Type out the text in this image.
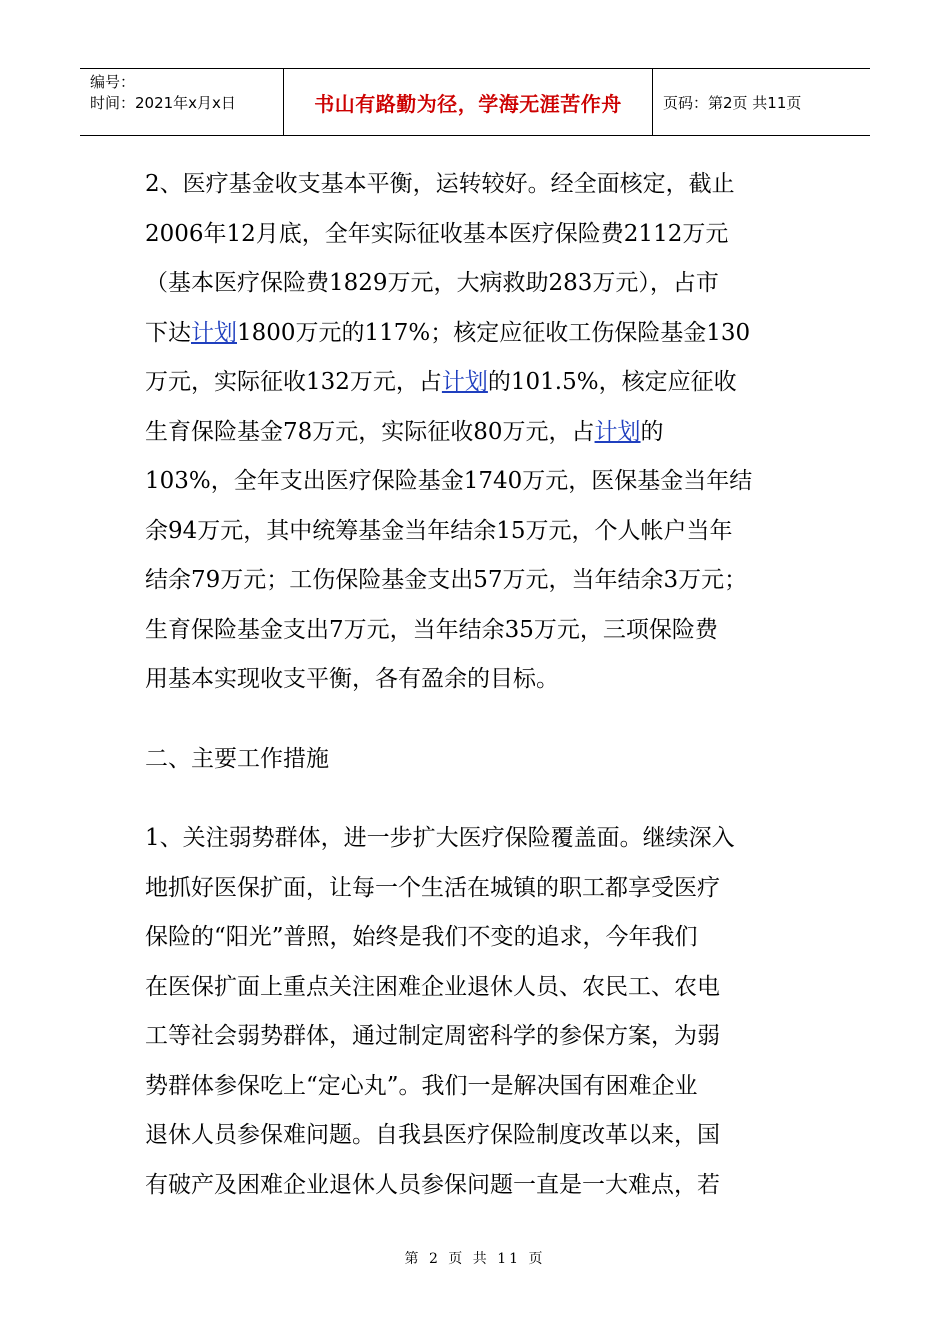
编号：
时间：2021年x月x日	书山有路勤为径，学海无涯苦作舟	页码：第2页 共11页

2、医疗基金收支基本平衡，运转较好。经全面核定，截止
2006年12月底，全年实际征收基本医疗保险费2112万元
（基本医疗保险费1829万元，大病救助283万元），占市
下达计划1800万元的117%；核定应征收工伤保险基金130
万元，实际征收132万元，占计划的101.5%，核定应征收
生育保险基金78万元，实际征收80万元，占计划的
103%，全年支出医疗保险基金1740万元，医保基金当年结
余94万元，其中统筹基金当年结余15万元，个人帐户当年
结余79万元；工伤保险基金支出57万元，当年结余3万元；
生育保险基金支出7万元，当年结余35万元，三项保险费
用基本实现收支平衡，各有盈余的目标。

二、主要工作措施

1、关注弱势群体，进一步扩大医疗保险覆盖面。继续深入
地抓好医保扩面，让每一个生活在城镇的职工都享受医疗
保险的“阳光”普照，始终是我们不变的追求，今年我们
在医保扩面上重点关注困难企业退休人员、农民工、农电
工等社会弱势群体，通过制定周密科学的参保方案，为弱
势群体参保吃上“定心丸”。我们一是解决国有困难企业
退休人员参保难问题。自我县医疗保险制度改革以来，国
有破产及困难企业退休人员参保问题一直是一大难点，若

第 2 页 共 11 页
